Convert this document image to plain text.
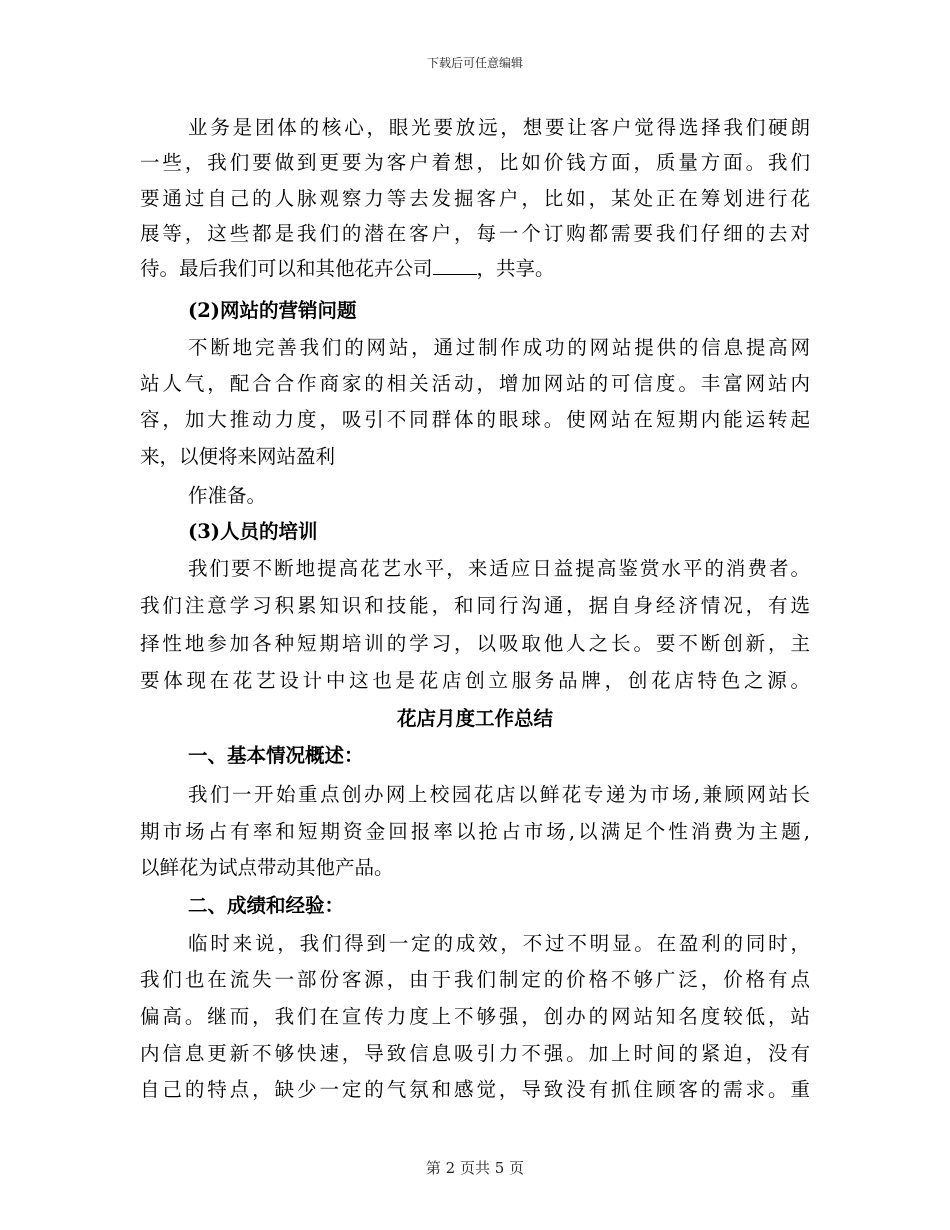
下载后可任意编辑
业务是团体的核心，眼光要放远，想要让客户觉得选择我们硬朗
一些，我们要做到更要为客户着想，比如价钱方面，质量方面。我们
要通过自己的人脉观察力等去发掘客户，比如，某处正在筹划进行花
展等，这些都是我们的潜在客户，每一个订购都需要我们仔细的去对
待。最后我们可以和其他花卉公司 ，共享。
(2)网站的营销问题
不断地完善我们的网站，通过制作成功的网站提供的信息提高网
站人气，配合合作商家的相关活动，增加网站的可信度。丰富网站内
容，加大推动力度，吸引不同群体的眼球。使网站在短期内能运转起
来，以便将来网站盈利
作准备。
(3)人员的培训
我们要不断地提高花艺水平，来适应日益提高鉴赏水平的消费者。
我们注意学习积累知识和技能，和同行沟通，据自身经济情况，有选
择性地参加各种短期培训的学习，以吸取他人之长。要不断创新，主
要体现在花艺设计中这也是花店创立服务品牌，创花店特色之源。
花店月度工作总结
一、基本情况概述：
我们一开始重点创办网上校园花店以鲜花专递为市场,兼顾网站长
期市场占有率和短期资金回报率以抢占市场,以满足个性消费为主题,
以鲜花为试点带动其他产品。
二、成绩和经验：
临时来说，我们得到一定的成效，不过不明显。在盈利的同时，
我们也在流失一部份客源，由于我们制定的价格不够广泛，价格有点
偏高。继而，我们在宣传力度上不够强，创办的网站知名度较低，站
内信息更新不够快速，导致信息吸引力不强。加上时间的紧迫，没有
自己的特点，缺少一定的气氛和感觉，导致没有抓住顾客的需求。重
第 2 页共 5 页
